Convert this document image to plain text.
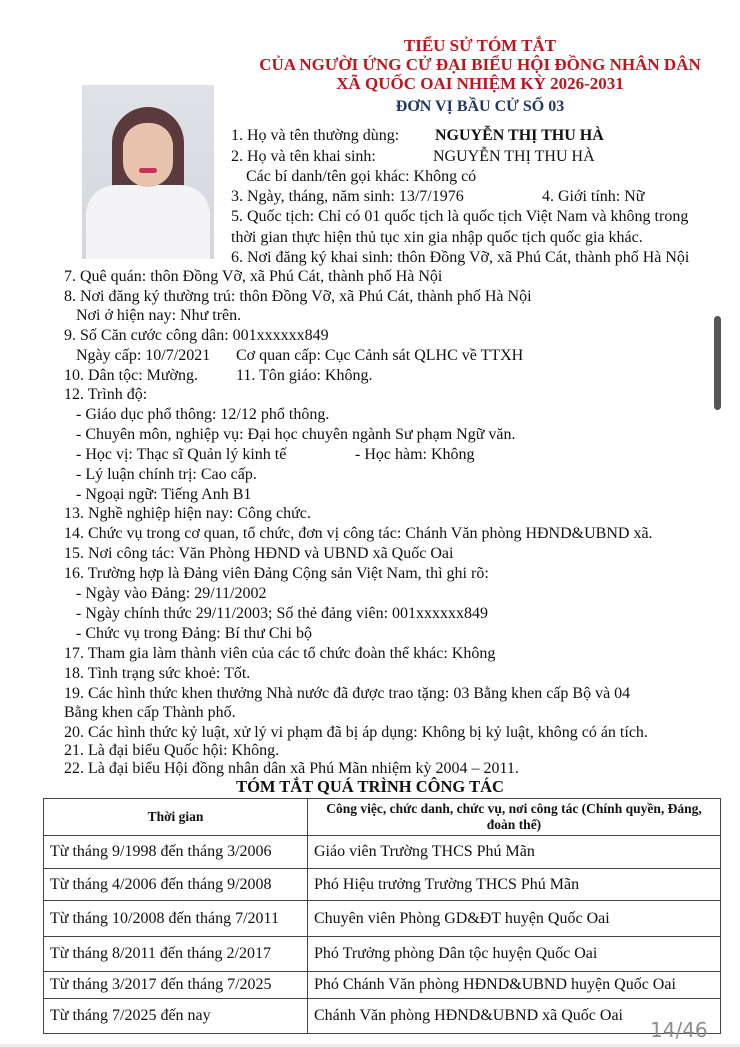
TIỂU SỬ TÓM TẮT
CỦA NGƯỜI ỨNG CỬ ĐẠI BIỂU HỘI ĐỒNG NHÂN DÂN
XÃ QUỐC OAI NHIỆM KỲ 2026-2031
ĐƠN VỊ BẦU CỬ SỐ 03
1. Họ và tên thường dùng: NGUYỄN THỊ THU HÀ
2. Họ và tên khai sinh:	NGUYỄN THỊ THU HÀ
Các bí danh/tên gọi khác: Không có
3. Ngày, tháng, năm sinh: 13/7/1976	4. Giới tính: Nữ
5. Quốc tịch: Chỉ có 01 quốc tịch là quốc tịch Việt Nam và không trong
thời gian thực hiện thủ tục xin gia nhập quốc tịch quốc gia khác.
6. Nơi đăng ký khai sinh: thôn Đồng Vỡ, xã Phú Cát, thành phố Hà Nội
7. Quê quán: thôn Đồng Vỡ, xã Phú Cát, thành phố Hà Nội
8. Nơi đăng ký thường trú: thôn Đồng Vỡ, xã Phú Cát, thành phố Hà Nội
Nơi ở hiện nay: Như trên.
9. Số Căn cước công dân: 001xxxxxx849
Ngày cấp: 10/7/2021 Cơ quan cấp: Cục Cảnh sát QLHC về TTXH
10. Dân tộc: Mường. 11. Tôn giáo: Không.
12. Trình độ:
- Giáo dục phổ thông: 12/12 phổ thông.
- Chuyên môn, nghiệp vụ: Đại học chuyên ngành Sư phạm Ngữ văn.
- Học vị: Thạc sĩ Quản lý kinh tế	- Học hàm: Không
- Lý luận chính trị: Cao cấp.
- Ngoại ngữ: Tiếng Anh B1
13. Nghề nghiệp hiện nay: Công chức.
14. Chức vụ trong cơ quan, tổ chức, đơn vị công tác: Chánh Văn phòng HĐND&UBND xã.
15. Nơi công tác: Văn Phòng HĐND và UBND xã Quốc Oai
16. Trường hợp là Đảng viên Đảng Cộng sản Việt Nam, thì ghi rõ:
- Ngày vào Đảng: 29/11/2002
- Ngày chính thức 29/11/2003; Số thẻ đảng viên: 001xxxxxx849
- Chức vụ trong Đảng: Bí thư Chi bộ
17. Tham gia làm thành viên của các tổ chức đoàn thể khác: Không
18. Tình trạng sức khoẻ: Tốt.
19. Các hình thức khen thưởng Nhà nước đã được trao tặng: 03 Bằng khen cấp Bộ và 04
Bằng khen cấp Thành phố.
20. Các hình thức kỷ luật, xử lý vi phạm đã bị áp dụng: Không bị kỷ luật, không có án tích.
21. Là đại biểu Quốc hội: Không.
22. Là đại biểu Hội đồng nhân dân xã Phú Mãn nhiệm kỳ 2004 – 2011.
TÓM TẮT QUÁ TRÌNH CÔNG TÁC
Thời gian	Công việc, chức danh, chức vụ, nơi công tác (Chính quyền, Đảng, đoàn thể)
Từ tháng 9/1998 đến tháng 3/2006	Giáo viên Trường THCS Phú Mãn
Từ tháng 4/2006 đến tháng 9/2008	Phó Hiệu trưởng Trường THCS Phú Mãn
Từ tháng 10/2008 đến tháng 7/2011	Chuyên viên Phòng GD&ĐT huyện Quốc Oai
Từ tháng 8/2011 đến tháng 2/2017	Phó Trưởng phòng Dân tộc huyện Quốc Oai
Từ tháng 3/2017 đến tháng 7/2025	Phó Chánh Văn phòng HĐND&UBND huyện Quốc Oai
Từ tháng 7/2025 đến nay	Chánh Văn phòng HĐND&UBND xã Quốc Oai
14/46
